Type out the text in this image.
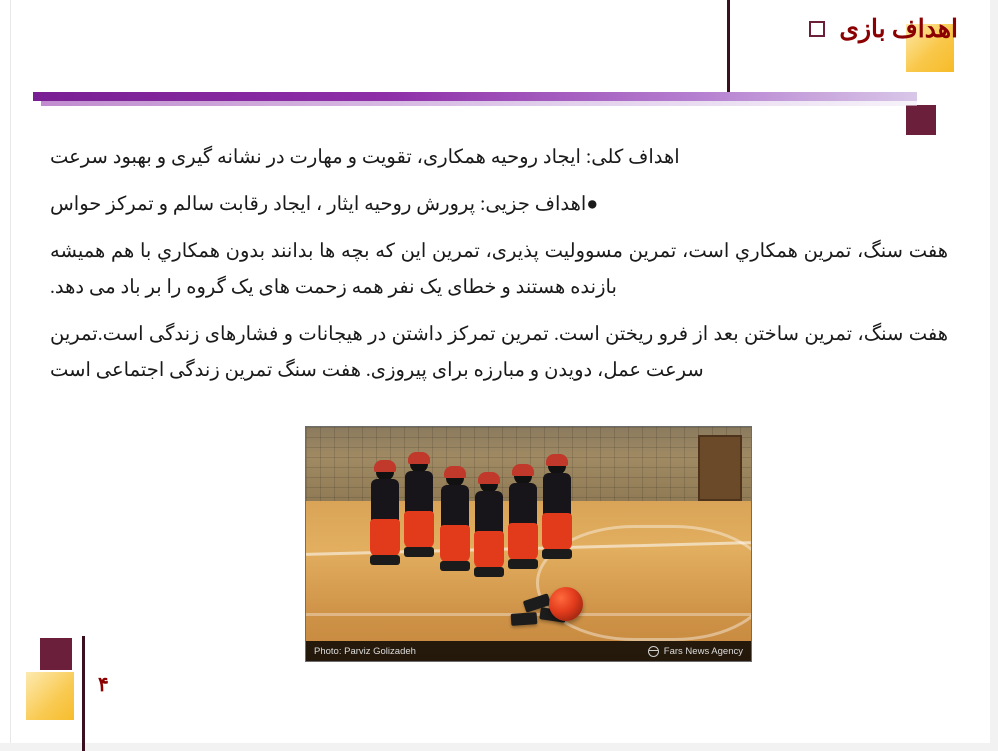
اهداف بازی

اهداف کلی: ایجاد روحیه همکاری، تقویت و مهارت در نشانه گیری و بهبود سرعت

●اهداف جزیی: پرورش روحیه ایثار ، ایجاد رقابت سالم و تمرکز حواس

هفت سنگ، تمرین همکاري است، تمرین مسوولیت پذیری، تمرین این که بچه ها بدانند بدون همکاري با هم همیشه بازنده هستند و خطای یک نفر همه زحمت های یک گروه را بر باد می دهد.

هفت سنگ، تمرین ساختن بعد از فرو ریختن است. تمرین تمرکز داشتن در هیجانات و فشارهای زندگی است.تمرین سرعت عمل، دویدن و مبارزه برای پیروزی. هفت سنگ تمرین زندگی اجتماعی است

Photo: Parviz Golizadeh	Fars News Agency
۴
